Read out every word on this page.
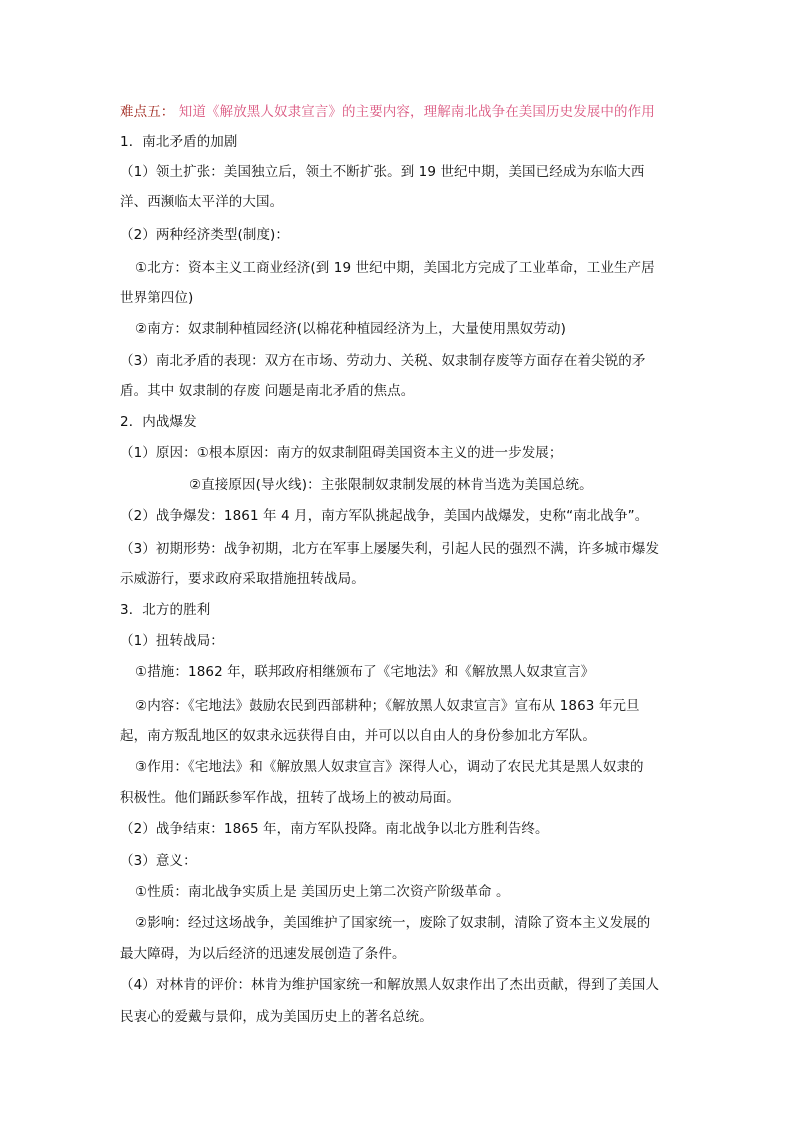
难点五： 知道《解放黑人奴隶宣言》的主要内容，理解南北战争在美国历史发展中的作用
1．南北矛盾的加剧
（1）领土扩张：美国独立后，领土不断扩张。到 19 世纪中期，美国已经成为东临大西
洋、西濒临太平洋的大国。
（2）两种经济类型(制度)：
①北方：资本主义工商业经济(到 19 世纪中期，美国北方完成了工业革命，工业生产居
世界第四位)
②南方：奴隶制种植园经济(以棉花种植园经济为上，大量使用黑奴劳动)
（3）南北矛盾的表现：双方在市场、劳动力、关税、奴隶制存废等方面存在着尖锐的矛
盾。其中 奴隶制的存废 问题是南北矛盾的焦点。
2．内战爆发
（1）原因：①根本原因：南方的奴隶制阻碍美国资本主义的进一步发展；
②直接原因(导火线)：主张限制奴隶制发展的林肯当选为美国总统。
（2）战争爆发：1861 年 4 月，南方军队挑起战争，美国内战爆发，史称“南北战争”。
（3）初期形势：战争初期，北方在军事上屡屡失利，引起人民的强烈不满，许多城市爆发
示威游行，要求政府采取措施扭转战局。
3．北方的胜利
（1）扭转战局：
①措施：1862 年，联邦政府相继颁布了《宅地法》和《解放黑人奴隶宣言》
②内容：《宅地法》鼓励农民到西部耕种；《解放黑人奴隶宣言》宣布从 1863 年元旦
起，南方叛乱地区的奴隶永远获得自由，并可以以自由人的身份参加北方军队。
③作用：《宅地法》和《解放黑人奴隶宣言》深得人心，调动了农民尤其是黑人奴隶的
积极性。他们踊跃参军作战，扭转了战场上的被动局面。
（2）战争结束：1865 年，南方军队投降。南北战争以北方胜利告终。
（3）意义：
①性质：南北战争实质上是 美国历史上第二次资产阶级革命 。
②影响：经过这场战争，美国维护了国家统一，废除了奴隶制，清除了资本主义发展的
最大障碍，为以后经济的迅速发展创造了条件。
（4）对林肯的评价：林肯为维护国家统一和解放黑人奴隶作出了杰出贡献，得到了美国人
民衷心的爱戴与景仰，成为美国历史上的著名总统。
